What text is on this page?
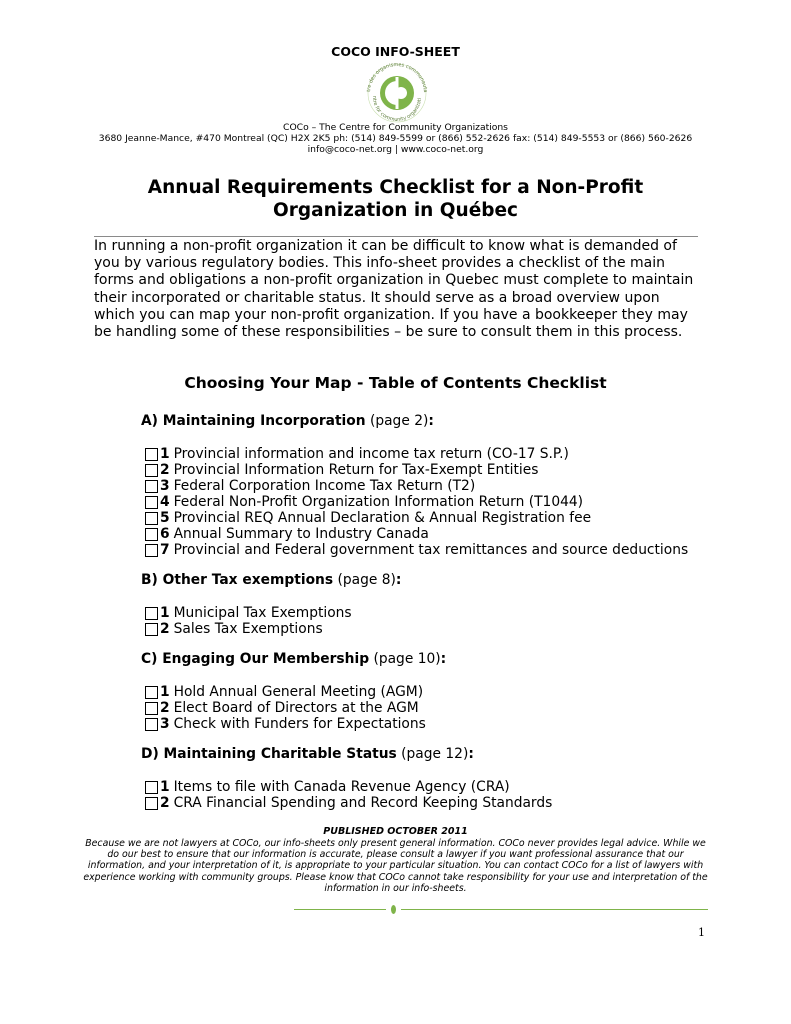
COCO INFO-SHEET
tre des organismes communauta
ntre for community organizati
COCo – The Centre for Community Organizations
3680 Jeanne-Mance, #470 Montreal (QC) H2X 2K5 ph: (514) 849-5599 or (866) 552-2626 fax: (514) 849-5553 or (866) 560-2626
info@coco-net.org | www.coco-net.org
Annual Requirements Checklist for a Non-Profit
Organization in Québec
In running a non-profit organization it can be difficult to know what is demanded of you by various regulatory bodies. This info-sheet provides a checklist of the main forms and obligations a non-profit organization in Quebec must complete to maintain their incorporated or charitable status. It should serve as a broad overview upon which you can map your non-profit organization. If you have a bookkeeper they may be handling some of these responsibilities – be sure to consult them in this process.
Choosing Your Map - Table of Contents Checklist
A) Maintaining Incorporation (page 2):
1 Provincial information and income tax return (CO-17 S.P.)
2 Provincial Information Return for Tax-Exempt Entities
3 Federal Corporation Income Tax Return (T2)
4 Federal Non-Profit Organization Information Return (T1044)
5 Provincial REQ Annual Declaration & Annual Registration fee
6 Annual Summary to Industry Canada
7 Provincial and Federal government tax remittances and source deductions
B) Other Tax exemptions (page 8):
1 Municipal Tax Exemptions
2 Sales Tax Exemptions
C) Engaging Our Membership (page 10):
1 Hold Annual General Meeting (AGM)
2 Elect Board of Directors at the AGM
3 Check with Funders for Expectations
D) Maintaining Charitable Status (page 12):
1 Items to file with Canada Revenue Agency (CRA)
2 CRA Financial Spending and Record Keeping Standards
PUBLISHED OCTOBER 2011
Because we are not lawyers at COCo, our info-sheets only present general information. COCo never provides legal advice. While we do our best to ensure that our information is accurate, please consult a lawyer if you want professional assurance that our information, and your interpretation of it, is appropriate to your particular situation. You can contact COCo for a list of lawyers with experience working with community groups. Please know that COCo cannot take responsibility for your use and interpretation of the information in our info-sheets.
1
